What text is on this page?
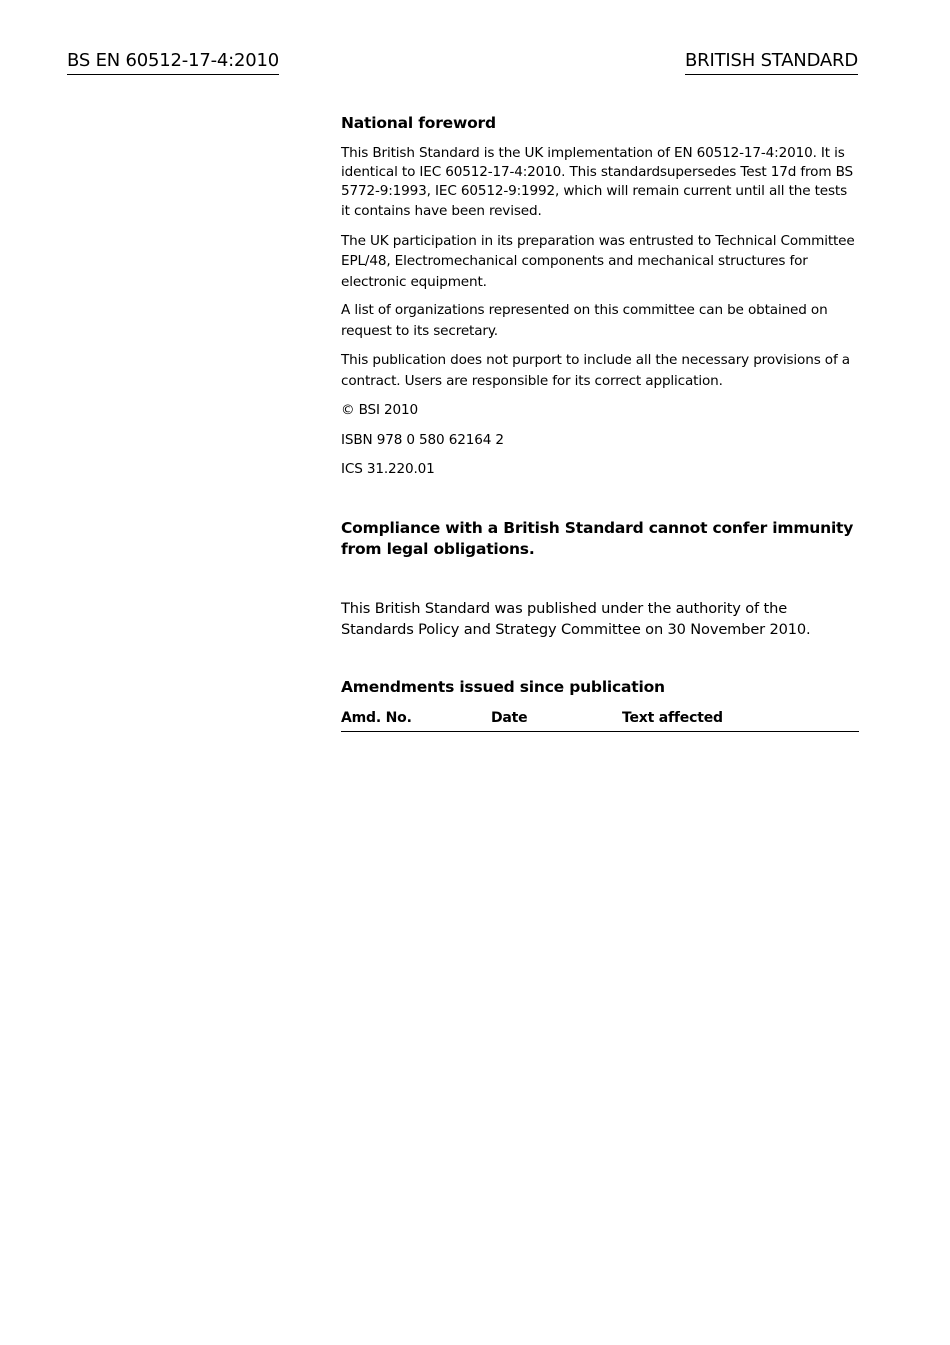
BS EN 60512-17-4:2010	BRITISH STANDARD
National foreword

This British Standard is the UK implementation of EN 60512-17-4:2010. It is identical to IEC 60512-17-4:2010. This standardsupersedes Test 17d from BS 5772-9:1993, IEC 60512-9:1992, which will remain current until all the tests it contains have been revised.

The UK participation in its preparation was entrusted to Technical Committee EPL/48, Electromechanical components and mechanical structures for electronic equipment.

A list of organizations represented on this committee can be obtained on request to its secretary.

This publication does not purport to include all the necessary provisions of a contract. Users are responsible for its correct application.

© BSI 2010

ISBN 978 0 580 62164 2

ICS 31.220.01

Compliance with a British Standard cannot confer immunity from legal obligations.

This British Standard was published under the authority of the Standards Policy and Strategy Committee on 30 November 2010.

Amendments issued since publication
Amd. No.	Date	Text affected
